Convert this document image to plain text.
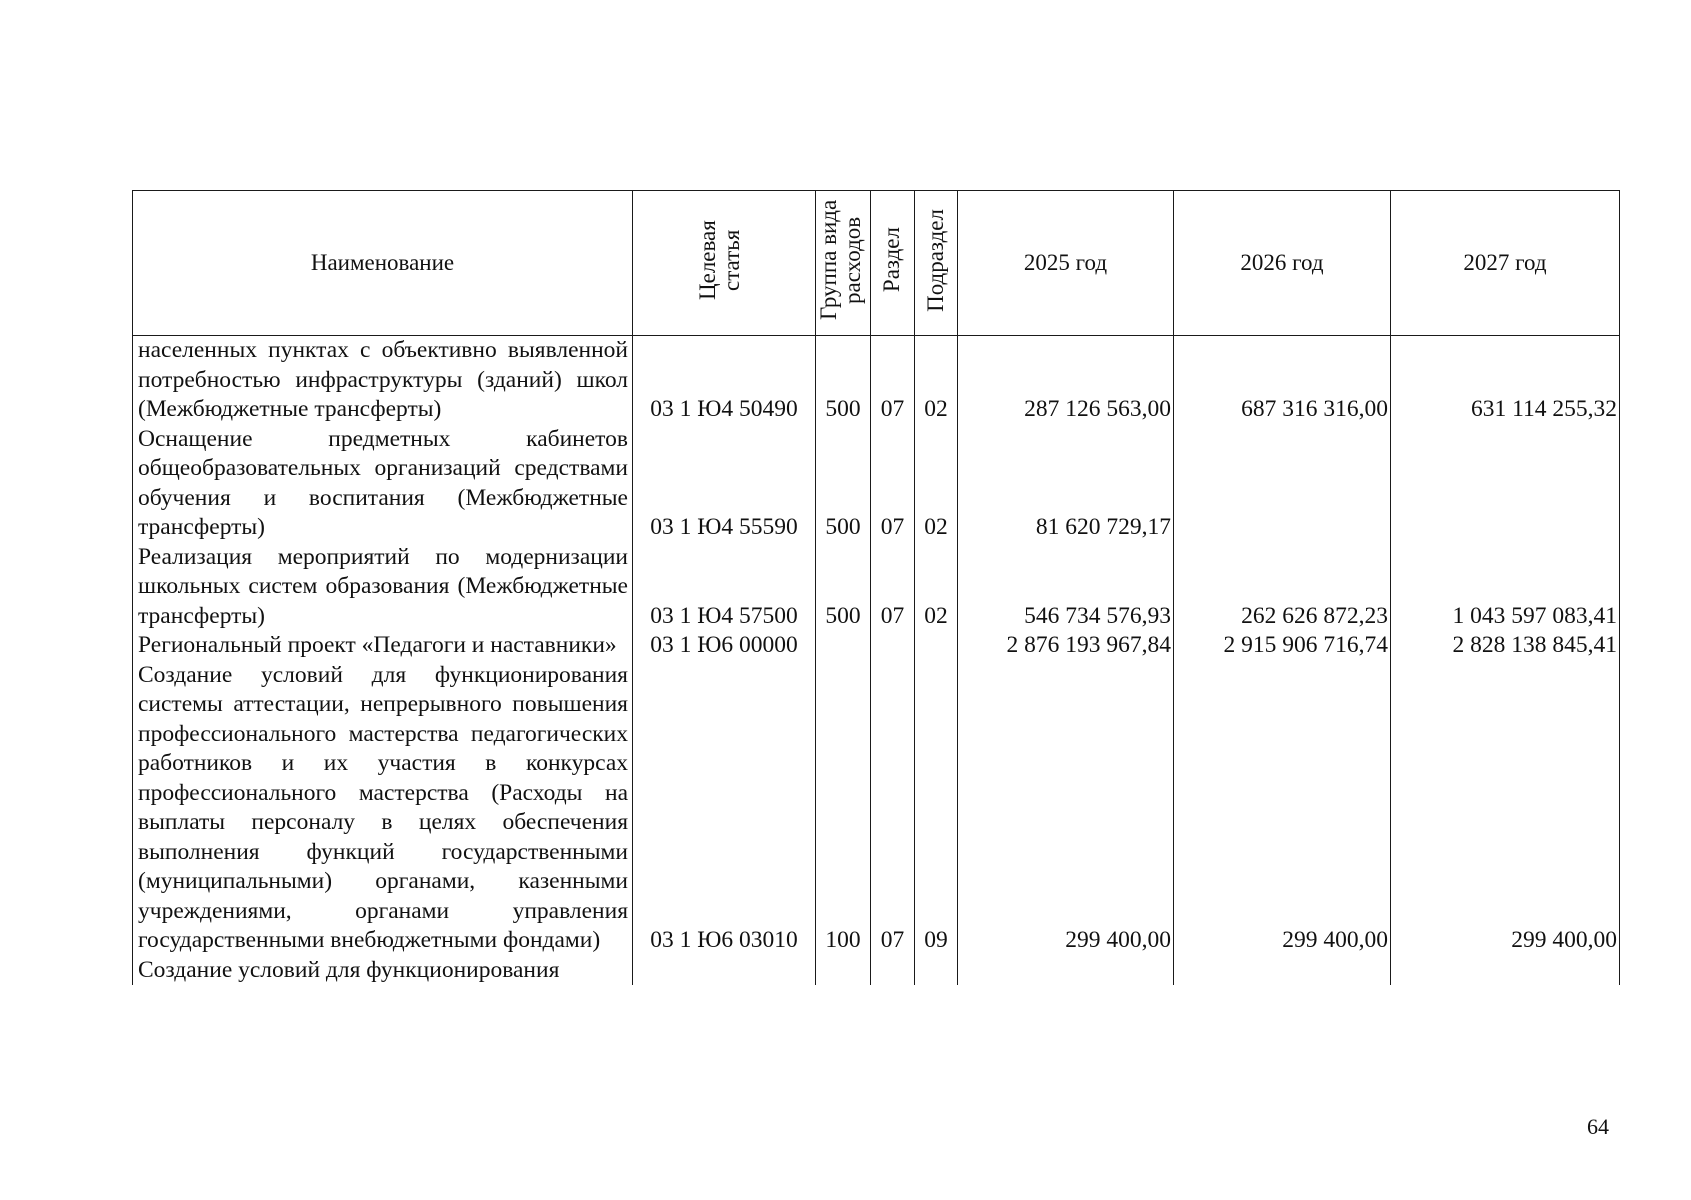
Наименование	Целевая статья	Группа вида расходов	Раздел	Подраздел	2025 год	2026 год	2027 год
населенных пунктах с объективно выявленной потребностью инфраструктуры (зданий) школ (Межбюджетные трансферты)	03 1 Ю4 50490	500	07	02	287 126 563,00	687 316 316,00	631 114 255,32
Оснащение предметных кабинетов общеобразовательных организаций средствами обучения и воспитания (Межбюджетные трансферты)	03 1 Ю4 55590	500	07	02	81 620 729,17		
Реализация мероприятий по модернизации школьных систем образования (Межбюджетные трансферты)	03 1 Ю4 57500	500	07	02	546 734 576,93	262 626 872,23	1 043 597 083,41
Региональный проект «Педагоги и наставники»	03 1 Ю6 00000				2 876 193 967,84	2 915 906 716,74	2 828 138 845,41
Создание условий для функционирования системы аттестации, непрерывного повышения профессионального мастерства педагогических работников и их участия в конкурсах профессионального мастерства (Расходы на выплаты персоналу в целях обеспечения выполнения функций государственными (муниципальными) органами, казенными учреждениями, органами управления государственными внебюджетными фондами)	03 1 Ю6 03010	100	07	09	299 400,00	299 400,00	299 400,00
Создание условий для функционирования							
64
